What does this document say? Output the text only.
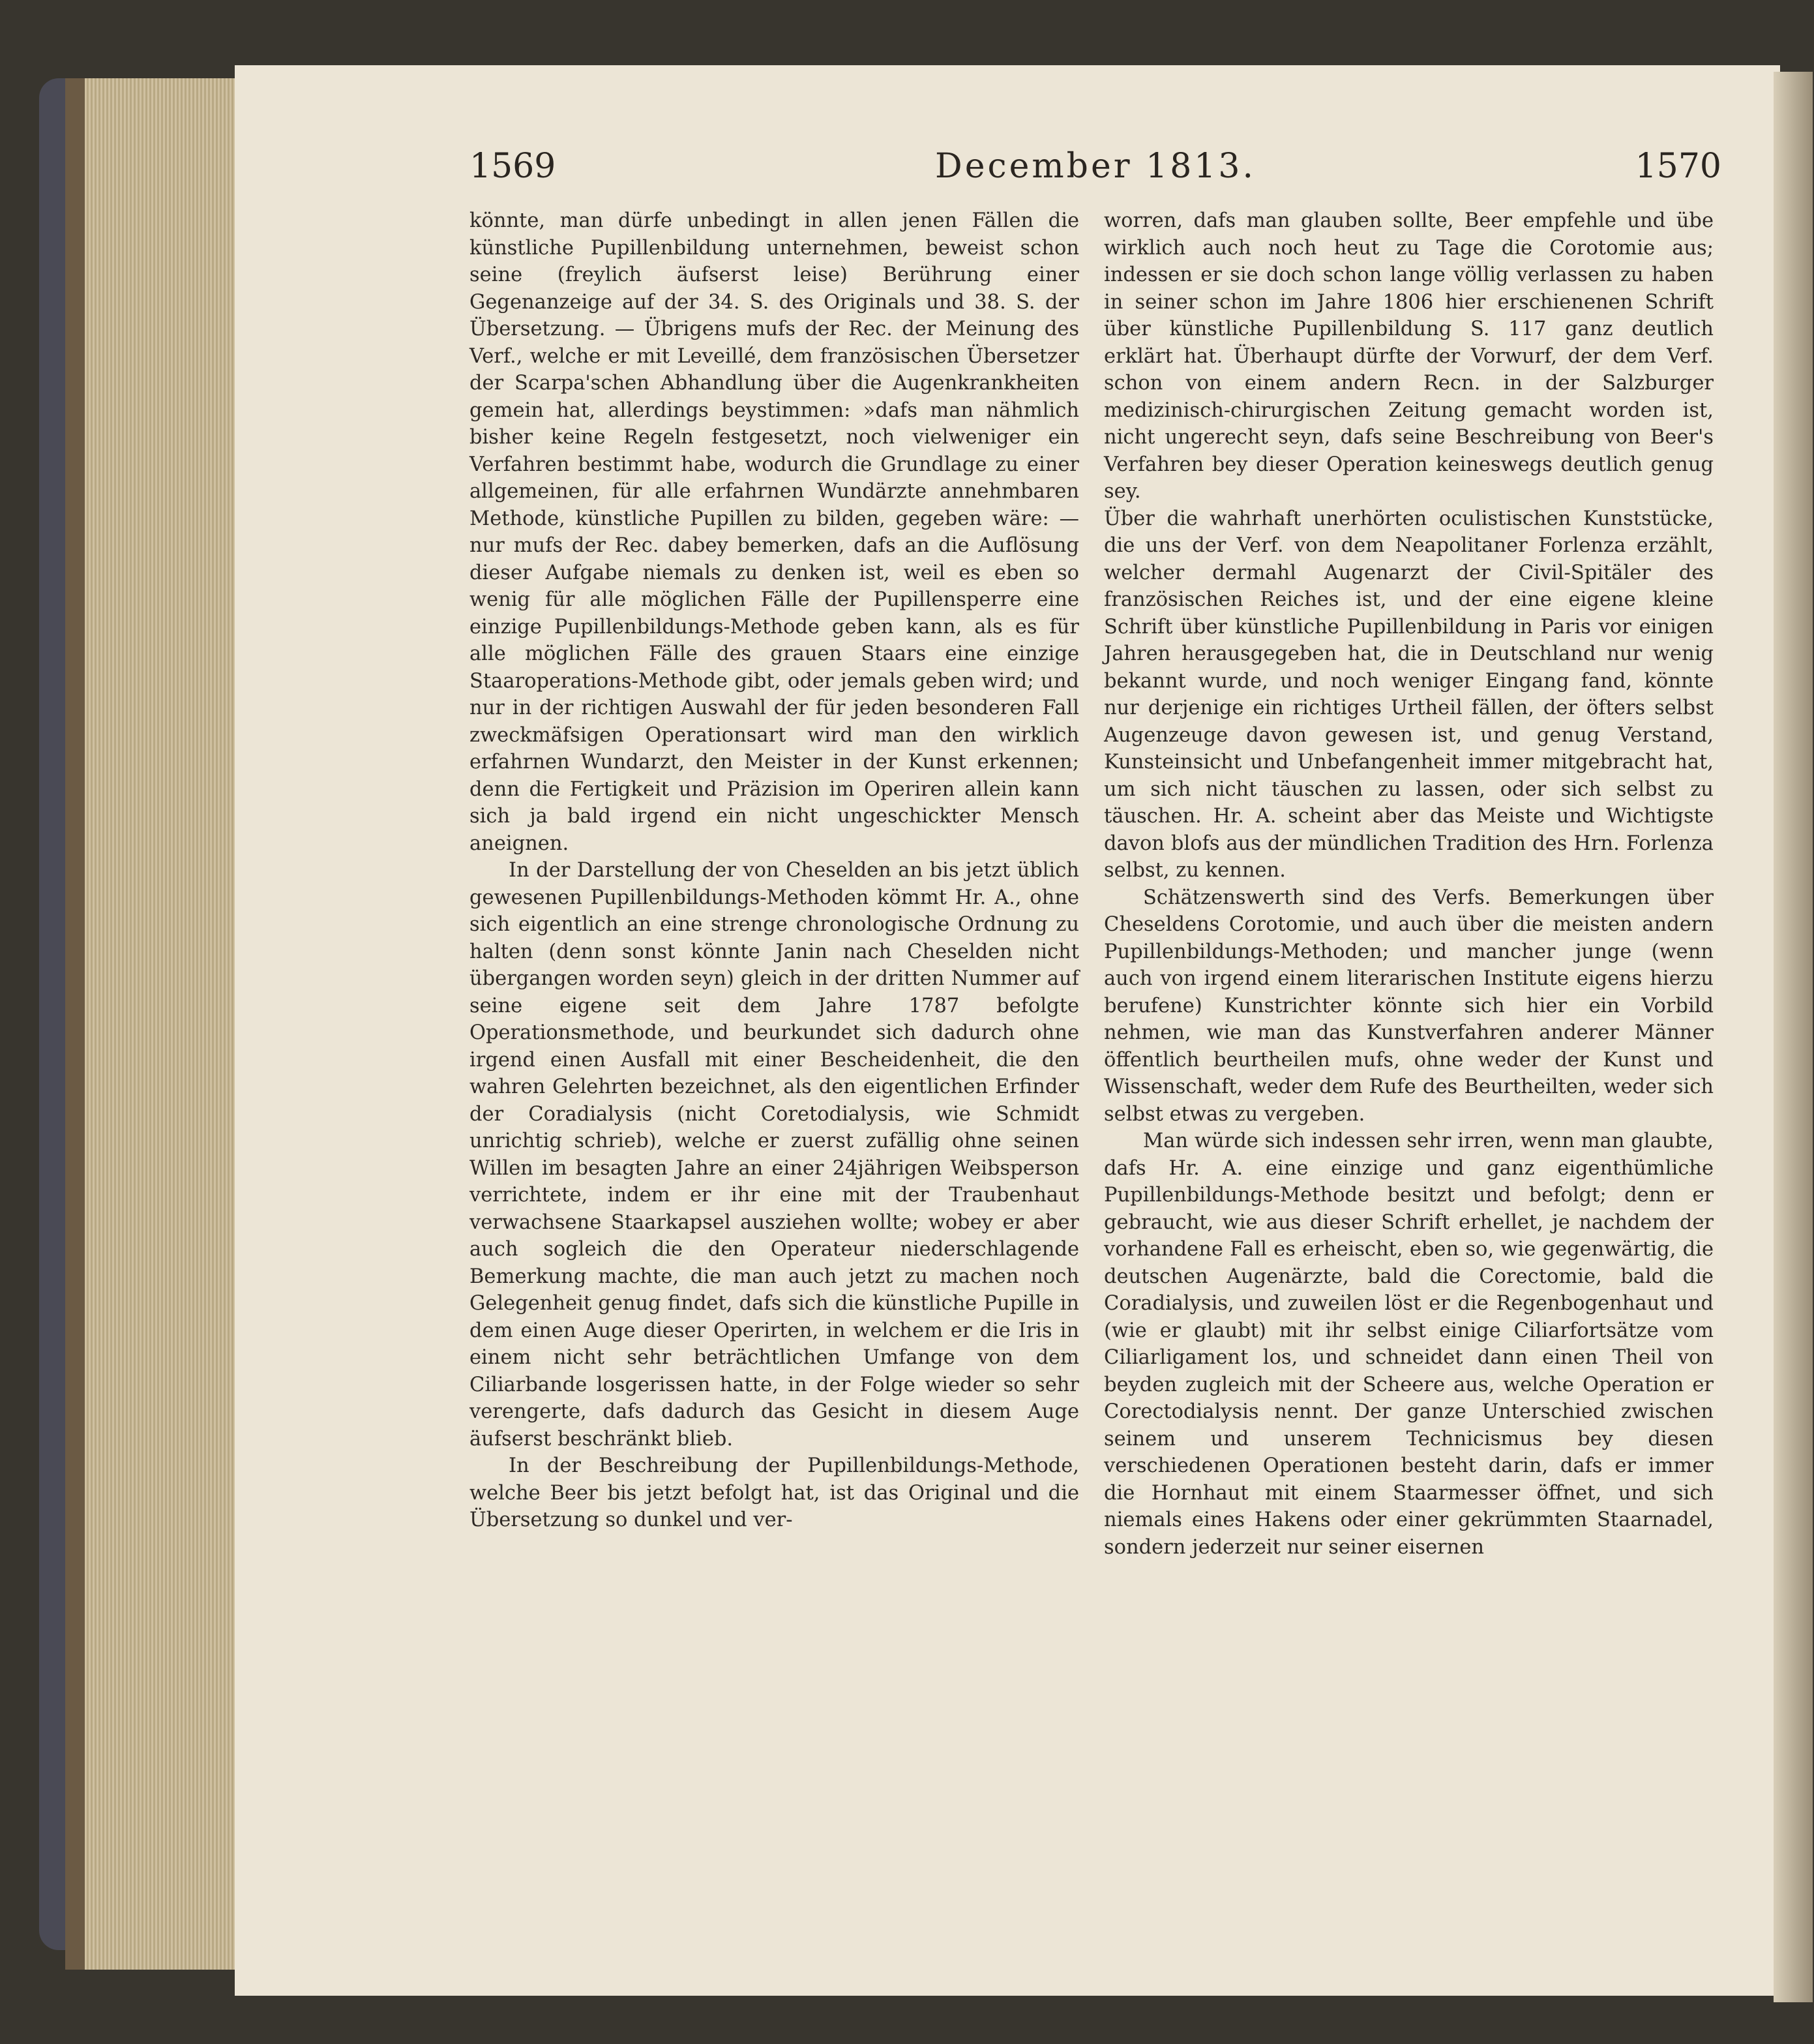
1569	December 1813.	1570

könnte, man dürfe unbedingt in allen jenen Fällen die künstliche Pupillenbildung unternehmen, beweist schon seine (freylich äufserst leise) Berührung einer Gegenanzeige auf der 34. S. des Originals und 38. S. der Übersetzung. — Übrigens mufs der Rec. der Meinung des Verf., welche er mit Leveillé, dem französischen Übersetzer der Scarpa'schen Abhandlung über die Augenkrankheiten gemein hat, allerdings beystimmen: »dafs man nähmlich bisher keine Regeln festgesetzt, noch vielweniger ein Verfahren bestimmt habe, wodurch die Grundlage zu einer allgemeinen, für alle erfahrnen Wundärzte annehmbaren Methode, künstliche Pupillen zu bilden, gegeben wäre: — nur mufs der Rec. dabey bemerken, dafs an die Auflösung dieser Aufgabe niemals zu denken ist, weil es eben so wenig für alle möglichen Fälle der Pupillensperre eine einzige Pupillenbildungs-Methode geben kann, als es für alle möglichen Fälle des grauen Staars eine einzige Staaroperations-Methode gibt, oder jemals geben wird; und nur in der richtigen Auswahl der für jeden besonderen Fall zweckmäfsigen Operationsart wird man den wirklich erfahrnen Wundarzt, den Meister in der Kunst erkennen; denn die Fertigkeit und Präzision im Operiren allein kann sich ja bald irgend ein nicht ungeschickter Mensch aneignen.

In der Darstellung der von Cheselden an bis jetzt üblich gewesenen Pupillenbildungs-Methoden kömmt Hr. A., ohne sich eigentlich an eine strenge chronologische Ordnung zu halten (denn sonst könnte Janin nach Cheselden nicht übergangen worden seyn) gleich in der dritten Nummer auf seine eigene seit dem Jahre 1787 befolgte Operationsmethode, und beurkundet sich dadurch ohne irgend einen Ausfall mit einer Bescheidenheit, die den wahren Gelehrten bezeichnet, als den eigentlichen Erfinder der Coradialysis (nicht Coretodialysis, wie Schmidt unrichtig schrieb), welche er zuerst zufällig ohne seinen Willen im besagten Jahre an einer 24jährigen Weibsperson verrichtete, indem er ihr eine mit der Traubenhaut verwachsene Staarkapsel ausziehen wollte; wobey er aber auch sogleich die den Operateur niederschlagende Bemerkung machte, die man auch jetzt zu machen noch Gelegenheit genug findet, dafs sich die künstliche Pupille in dem einen Auge dieser Operirten, in welchem er die Iris in einem nicht sehr beträchtlichen Umfange von dem Ciliarbande losgerissen hatte, in der Folge wieder so sehr verengerte, dafs dadurch das Gesicht in diesem Auge äufserst beschränkt blieb.

In der Beschreibung der Pupillenbildungs-Methode, welche Beer bis jetzt befolgt hat, ist das Original und die Übersetzung so dunkel und ver-

worren, dafs man glauben sollte, Beer empfehle und übe wirklich auch noch heut zu Tage die Corotomie aus; indessen er sie doch schon lange völlig verlassen zu haben in seiner schon im Jahre 1806 hier erschienenen Schrift über künstliche Pupillenbildung S. 117 ganz deutlich erklärt hat. Überhaupt dürfte der Vorwurf, der dem Verf. schon von einem andern Recn. in der Salzburger medizinisch-chirurgischen Zeitung gemacht worden ist, nicht ungerecht seyn, dafs seine Beschreibung von Beer's Verfahren bey dieser Operation keineswegs deutlich genug sey.

Über die wahrhaft unerhörten oculistischen Kunststücke, die uns der Verf. von dem Neapolitaner Forlenza erzählt, welcher dermahl Augenarzt der Civil-Spitäler des französischen Reiches ist, und der eine eigene kleine Schrift über künstliche Pupillenbildung in Paris vor einigen Jahren herausgegeben hat, die in Deutschland nur wenig bekannt wurde, und noch weniger Eingang fand, könnte nur derjenige ein richtiges Urtheil fällen, der öfters selbst Augenzeuge davon gewesen ist, und genug Verstand, Kunsteinsicht und Unbefangenheit immer mitgebracht hat, um sich nicht täuschen zu lassen, oder sich selbst zu täuschen. Hr. A. scheint aber das Meiste und Wichtigste davon blofs aus der mündlichen Tradition des Hrn. Forlenza selbst, zu kennen.

Schätzenswerth sind des Verfs. Bemerkungen über Cheseldens Corotomie, und auch über die meisten andern Pupillenbildungs-Methoden; und mancher junge (wenn auch von irgend einem literarischen Institute eigens hierzu berufene) Kunstrichter könnte sich hier ein Vorbild nehmen, wie man das Kunstverfahren anderer Männer öffentlich beurtheilen mufs, ohne weder der Kunst und Wissenschaft, weder dem Rufe des Beurtheilten, weder sich selbst etwas zu vergeben.

Man würde sich indessen sehr irren, wenn man glaubte, dafs Hr. A. eine einzige und ganz eigenthümliche Pupillenbildungs-Methode besitzt und befolgt; denn er gebraucht, wie aus dieser Schrift erhellet, je nachdem der vorhandene Fall es erheischt, eben so, wie gegenwärtig, die deutschen Augenärzte, bald die Corectomie, bald die Coradialysis, und zuweilen löst er die Regenbogenhaut und (wie er glaubt) mit ihr selbst einige Ciliarfortsätze vom Ciliarligament los, und schneidet dann einen Theil von beyden zugleich mit der Scheere aus, welche Operation er Corectodialysis nennt. Der ganze Unterschied zwischen seinem und unserem Technicismus bey diesen verschiedenen Operationen besteht darin, dafs er immer die Hornhaut mit einem Staarmesser öffnet, und sich niemals eines Hakens oder einer gekrümmten Staarnadel, sondern jederzeit nur seiner eisernen
